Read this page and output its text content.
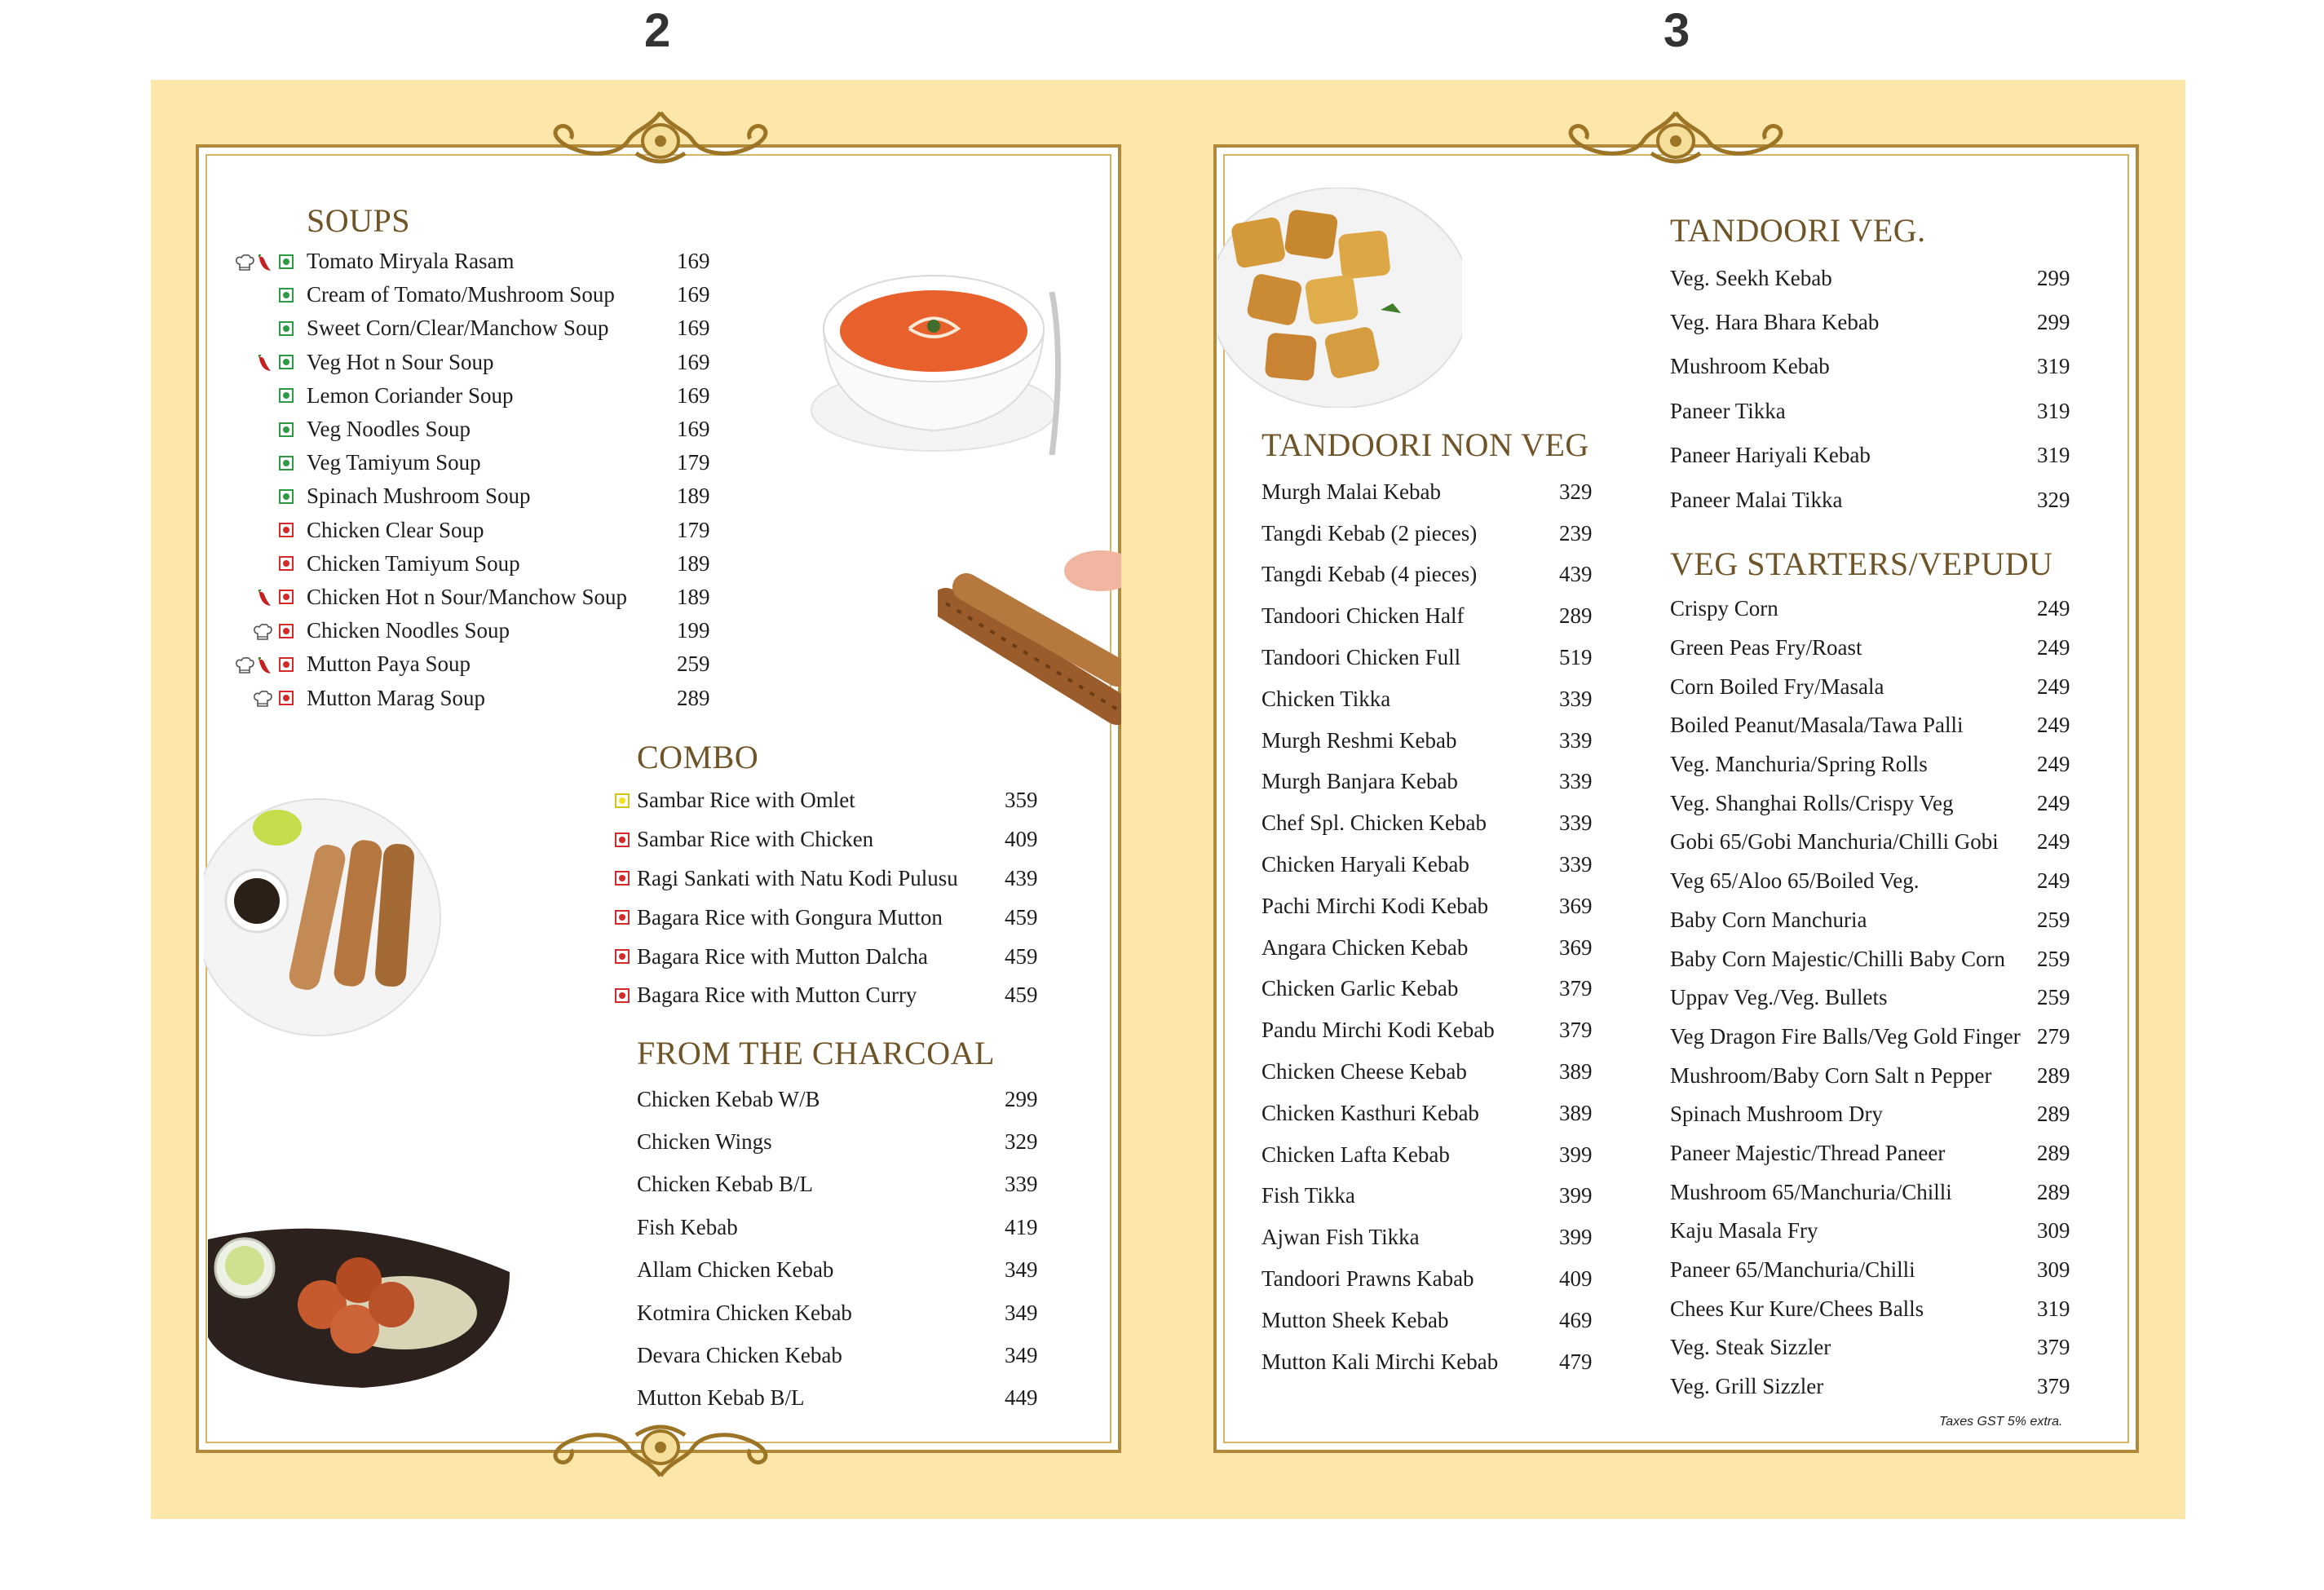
2	3
SOUPS
Tomato Miryala Rasam	169
Cream of Tomato/Mushroom Soup	169
Sweet Corn/Clear/Manchow Soup	169
Veg Hot n Sour Soup	169
Lemon Coriander Soup	169
Veg Noodles Soup	169
Veg Tamiyum Soup	179
Spinach Mushroom Soup	189
Chicken Clear Soup	179
Chicken Tamiyum Soup	189
Chicken Hot n Sour/Manchow Soup 189
Chicken Noodles Soup	199
Mutton Paya Soup	259
Mutton Marag Soup	289
COMBO
Sambar Rice with Omlet	359
Sambar Rice with Chicken	409
Ragi Sankati with Natu Kodi Pulusu 439
Bagara Rice with Gongura Mutton	459
Bagara Rice with Mutton Dalcha	459
Bagara Rice with Mutton Curry	459
FROM THE CHARCOAL
Chicken Kebab W/B	299
Chicken Wings	329
Chicken Kebab B/L	339
Fish Kebab	419
Allam Chicken Kebab	349
Kotmira Chicken Kebab	349
Devara Chicken Kebab	349
Mutton Kebab B/L	449
TANDOORI NON VEG
Murgh Malai Kebab	329
Tangdi Kebab (2 pieces)	239
Tangdi Kebab (4 pieces)	439
Tandoori Chicken Half	289
Tandoori Chicken Full	519
Chicken Tikka	339
Murgh Reshmi Kebab	339
Murgh Banjara Kebab	339
Chef Spl. Chicken Kebab	339
Chicken Haryali Kebab	339
Pachi Mirchi Kodi Kebab	369
Angara Chicken Kebab	369
Chicken Garlic Kebab	379
Pandu Mirchi Kodi Kebab	379
Chicken Cheese Kebab	389
Chicken Kasthuri Kebab	389
Chicken Lafta Kebab	399
Fish Tikka	399
Ajwan Fish Tikka	399
Tandoori Prawns Kabab	409
Mutton Sheek Kebab	469
Mutton Kali Mirchi Kebab	479
TANDOORI VEG.
Veg. Seekh Kebab	299
Veg. Hara Bhara Kebab	299
Mushroom Kebab	319
Paneer Tikka	319
Paneer Hariyali Kebab	319
Paneer Malai Tikka	329
VEG STARTERS/VEPUDU
Crispy Corn	249
Green Peas Fry/Roast	249
Corn Boiled Fry/Masala	249
Boiled Peanut/Masala/Tawa Palli	249
Veg. Manchuria/Spring Rolls	249
Veg. Shanghai Rolls/Crispy Veg	249
Gobi 65/Gobi Manchuria/Chilli Gobi 249
Veg 65/Aloo 65/Boiled Veg.	249
Baby Corn Manchuria	259
Baby Corn Majestic/Chilli Baby Corn 259
Uppav Veg./Veg. Bullets	259
Veg Dragon Fire Balls/Veg Gold Finger 279
Mushroom/Baby Corn Salt n Pepper 289
Spinach Mushroom Dry	289
Paneer Majestic/Thread Paneer	289
Mushroom 65/Manchuria/Chilli	289
Kaju Masala Fry	309
Paneer 65/Manchuria/Chilli	309
Chees Kur Kure/Chees Balls	319
Veg. Steak Sizzler	379
Veg. Grill Sizzler	379
Taxes GST 5% extra.
